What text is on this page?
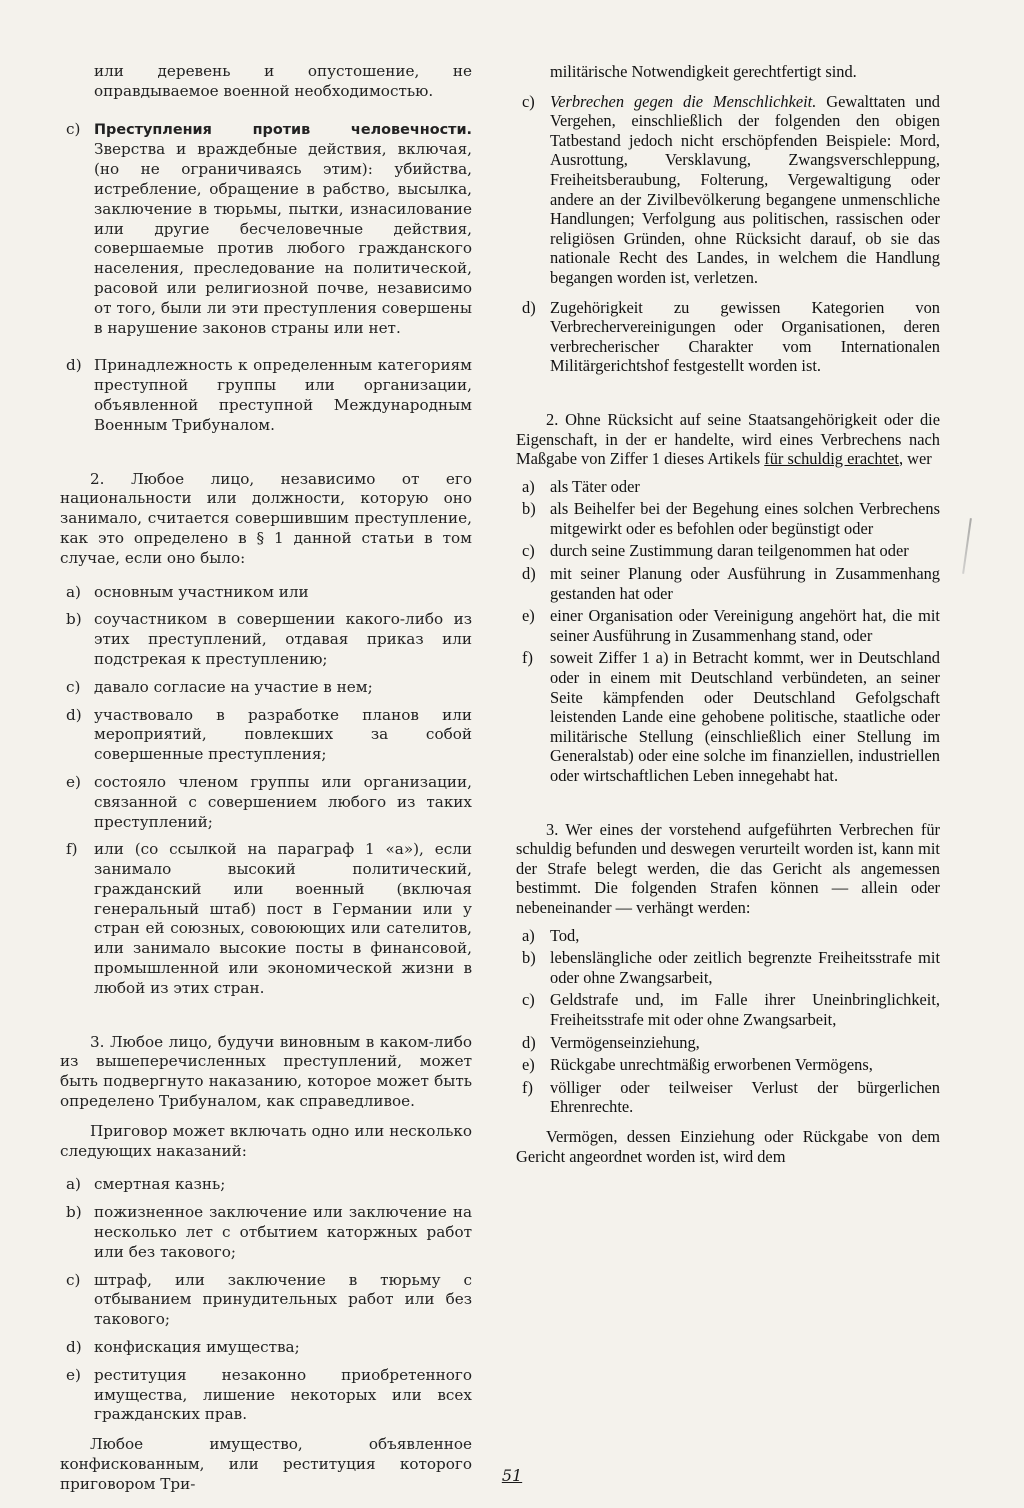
или деревень и опустошение, не оправдываемое военной необходимостью.

c) Преступления против человечности. Зверства и враждебные действия, включая, (но не ограничиваясь этим): убийства, истребление, обращение в рабство, высылка, заключение в тюрьмы, пытки, изнасилование или другие бесчеловечные действия, совершаемые против любого гражданского населения, преследование на политической, расовой или религиозной почве, независимо от того, были ли эти преступления совершены в нарушение законов страны или нет.
d) Принадлежность к определенным категориям преступной группы или организации, объявленной преступной Международным Военным Трибуналом.

2. Любое лицо, независимо от его национальности или должности, которую оно занимало, считается совершившим преступление, как это определено в § 1 данной статьи в том случае, если оно было:

a) основным участником или
b) соучастником в совершении какого-либо из этих преступлений, отдавая приказ или подстрекая к преступлению;
c) давало согласие на участие в нем;
d) участвовало в разработке планов или мероприятий, повлекших за собой совершенные преступления;
e) состояло членом группы или организации, связанной с совершением любого из таких преступлений;
f) или (со ссылкой на параграф 1 «а»), если занимало высокий политический, гражданский или военный (включая генеральный штаб) пост в Германии или у стран ей союзных, совоюющих или сателитов, или занимало высокие посты в финансовой, промышленной или экономической жизни в любой из этих стран.

3. Любое лицо, будучи виновным в каком-либо из вышеперечисленных преступлений, может быть подвергнуто наказанию, которое может быть определено Трибуналом, как справедливое.

Приговор может включать одно или несколько следующих наказаний:

a) смертная казнь;
b) пожизненное заключение или заключение на несколько лет с отбытием каторжных работ или без такового;
c) штраф, или заключение в тюрьму с отбыванием принудительных работ или без такового;
d) конфискация имущества;
e) реституция незаконно приобретенного имущества, лишение некоторых или всех гражданских прав.

Любое имущество, объявленное конфискованным, или реституция которого приговором Три-

militärische Notwendigkeit gerechtfertigt sind.

c) Verbrechen gegen die Menschlichkeit. Gewalttaten und Vergehen, einschließlich der folgenden den obigen Tatbestand jedoch nicht erschöpfenden Beispiele: Mord, Ausrottung, Versklavung, Zwangsverschleppung, Freiheitsberaubung, Folterung, Vergewaltigung oder andere an der Zivilbevölkerung begangene unmenschliche Handlungen; Verfolgung aus politischen, rassischen oder religiösen Gründen, ohne Rücksicht darauf, ob sie das nationale Recht des Landes, in welchem die Handlung begangen worden ist, verletzen.
d) Zugehörigkeit zu gewissen Kategorien von Verbrechervereinigungen oder Organisationen, deren verbrecherischer Charakter vom Internationalen Militärgerichtshof festgestellt worden ist.

2. Ohne Rücksicht auf seine Staatsangehörigkeit oder die Eigenschaft, in der er handelte, wird eines Verbrechens nach Maßgabe von Ziffer 1 dieses Artikels für schuldig erachtet, wer

a) als Täter oder
b) als Beihelfer bei der Begehung eines solchen Verbrechens mitgewirkt oder es befohlen oder begünstigt oder
c) durch seine Zustimmung daran teilgenommen hat oder
d) mit seiner Planung oder Ausführung in Zusammenhang gestanden hat oder
e) einer Organisation oder Vereinigung angehört hat, die mit seiner Ausführung in Zusammenhang stand, oder
f) soweit Ziffer 1 a) in Betracht kommt, wer in Deutschland oder in einem mit Deutschland verbündeten, an seiner Seite kämpfenden oder Deutschland Gefolgschaft leistenden Lande eine gehobene politische, staatliche oder militärische Stellung (einschließlich einer Stellung im Generalstab) oder eine solche im finanziellen, industriellen oder wirtschaftlichen Leben innegehabt hat.

3. Wer eines der vorstehend aufgeführten Verbrechen für schuldig befunden und deswegen verurteilt worden ist, kann mit der Strafe belegt werden, die das Gericht als angemessen bestimmt. Die folgenden Strafen können — allein oder nebeneinander — verhängt werden:

a) Tod,
b) lebenslängliche oder zeitlich begrenzte Freiheitsstrafe mit oder ohne Zwangsarbeit,
c) Geldstrafe und, im Falle ihrer Uneinbringlichkeit, Freiheitsstrafe mit oder ohne Zwangsarbeit,
d) Vermögenseinziehung,
e) Rückgabe unrechtmäßig erworbenen Vermögens,
f) völliger oder teilweiser Verlust der bürgerlichen Ehrenrechte.

Vermögen, dessen Einziehung oder Rückgabe von dem Gericht angeordnet worden ist, wird dem

51
